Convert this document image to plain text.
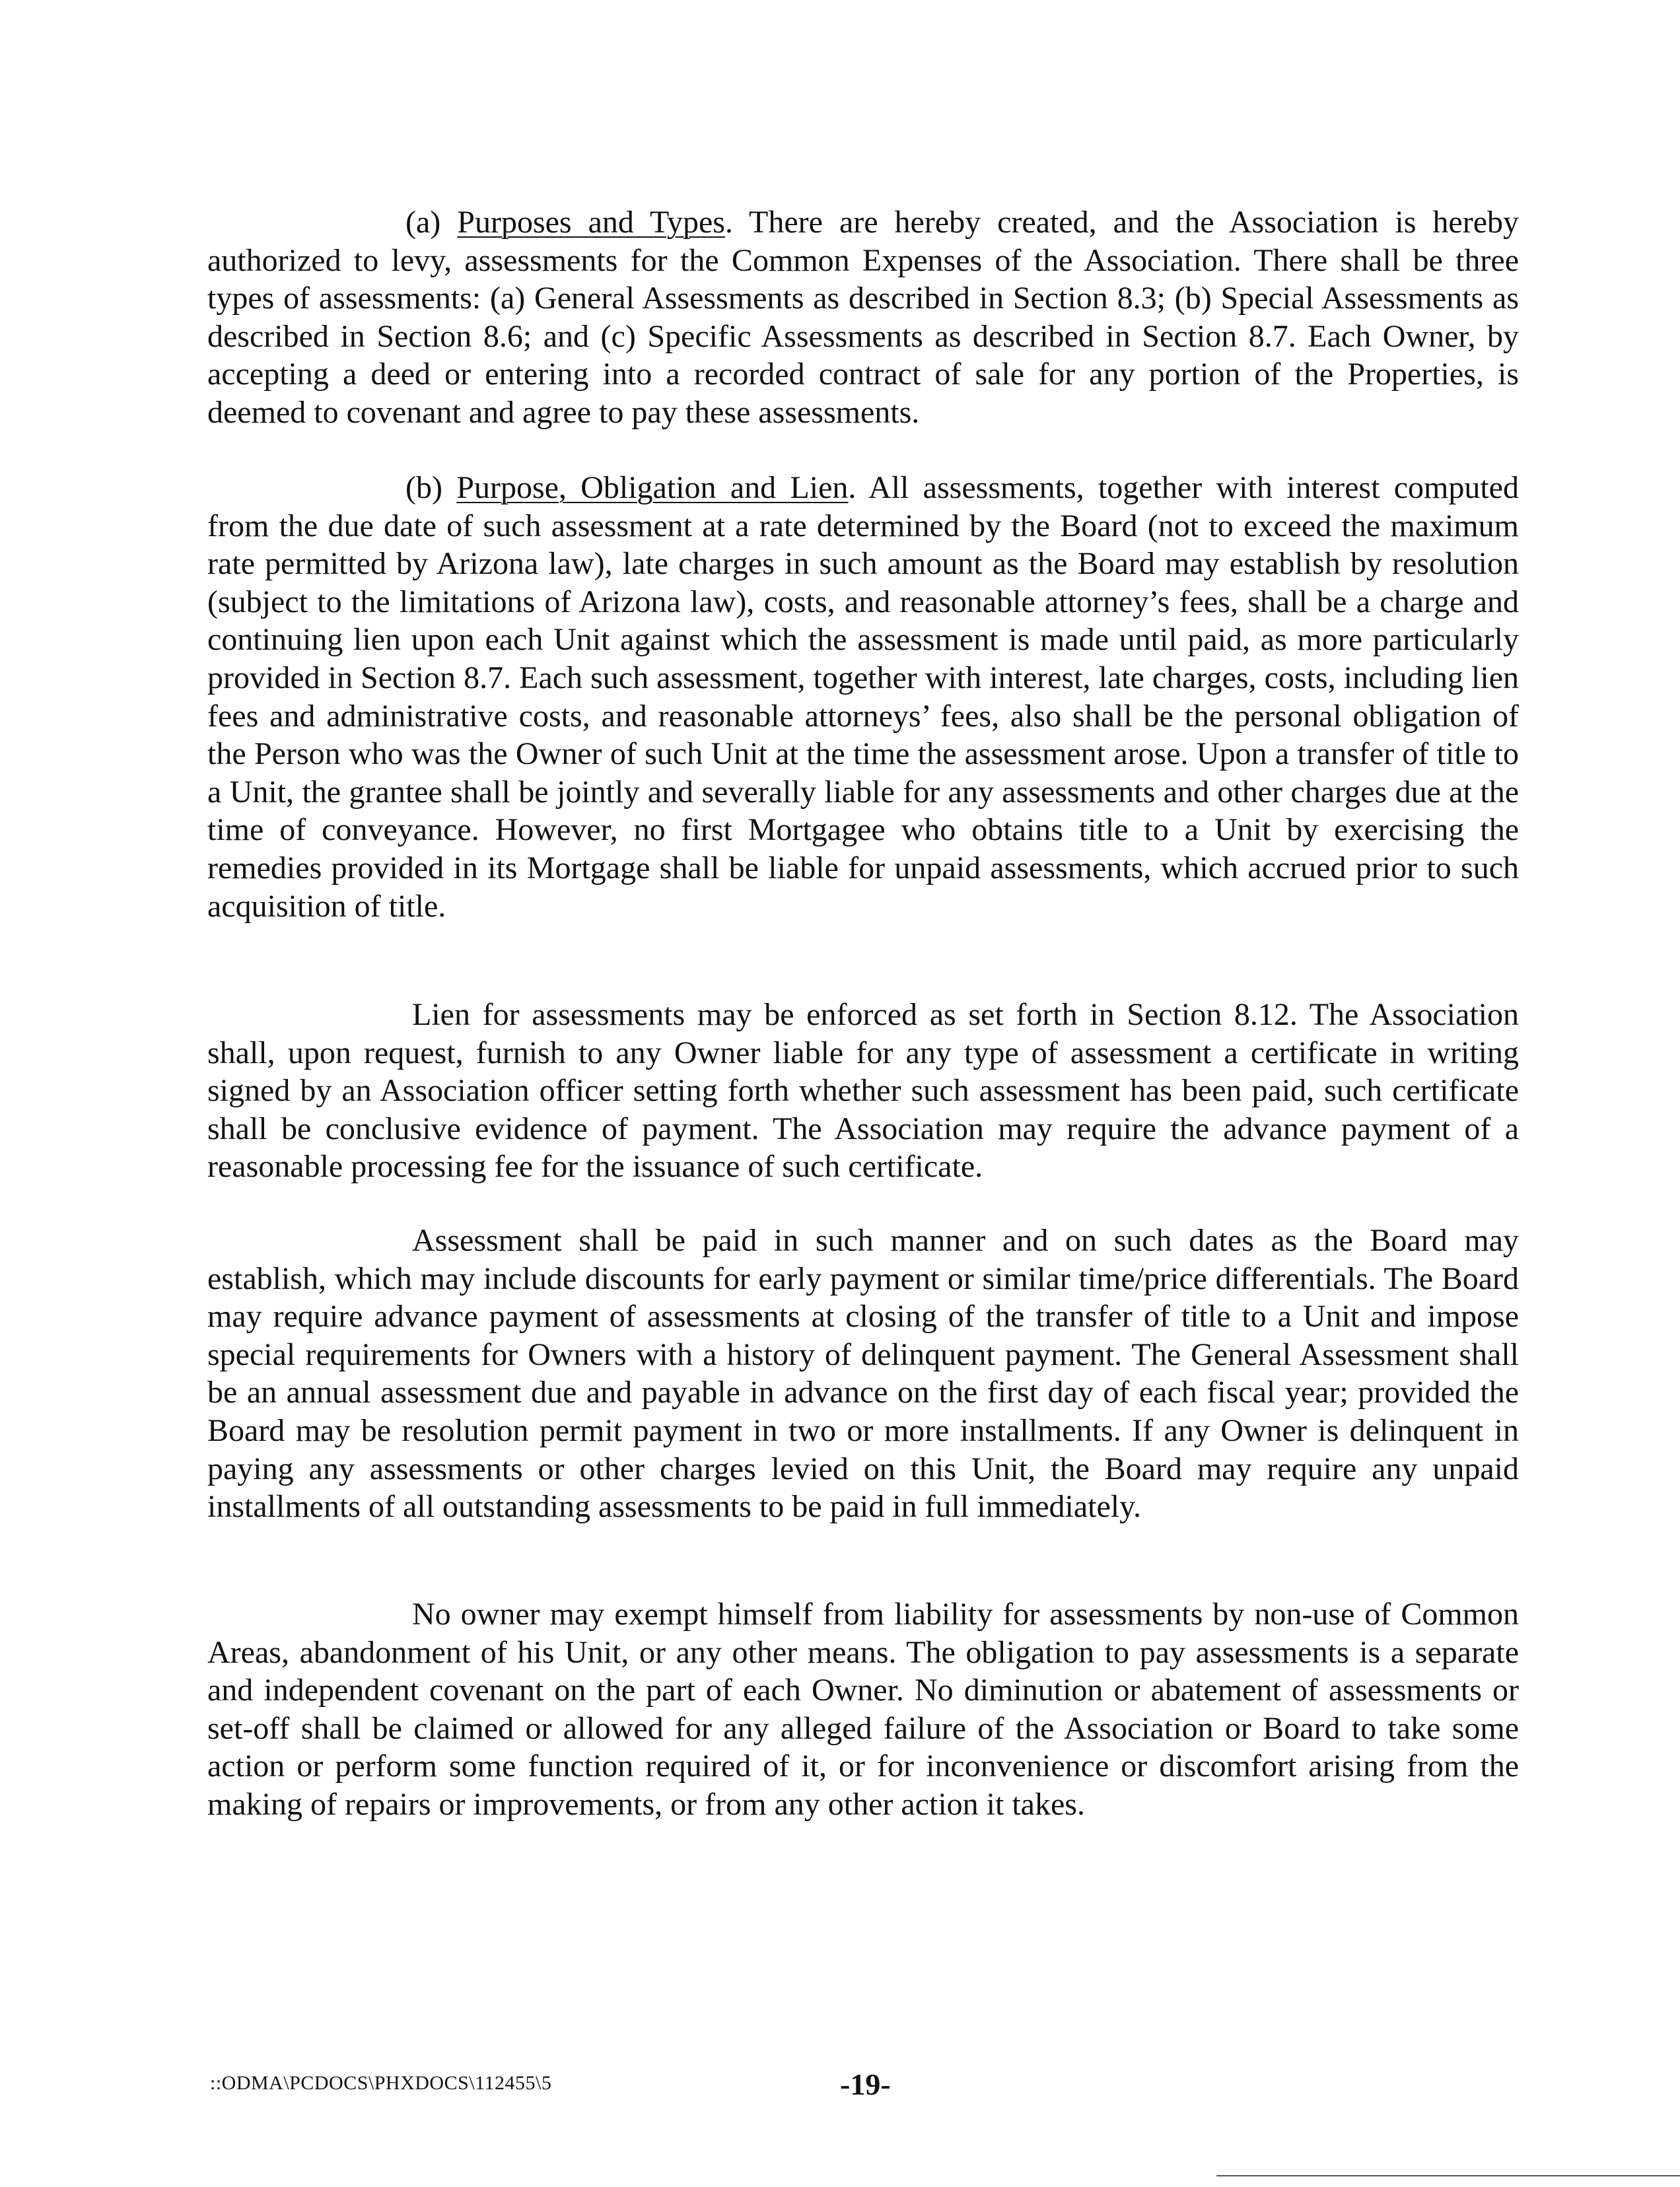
(a) Purposes and Types. There are hereby created, and the Association is hereby authorized to levy, assessments for the Common Expenses of the Association. There shall be three types of assessments: (a) General Assessments as described in Section 8.3; (b) Special Assessments as described in Section 8.6; and (c) Specific Assessments as described in Section 8.7. Each Owner, by accepting a deed or entering into a recorded contract of sale for any portion of the Properties, is deemed to covenant and agree to pay these assessments.

(b) Purpose, Obligation and Lien. All assessments, together with interest computed from the due date of such assessment at a rate determined by the Board (not to exceed the maximum rate permitted by Arizona law), late charges in such amount as the Board may establish by resolution (subject to the limitations of Arizona law), costs, and reasonable attorney’s fees, shall be a charge and continuing lien upon each Unit against which the assessment is made until paid, as more particularly provided in Section 8.7. Each such assessment, together with interest, late charges, costs, including lien fees and administrative costs, and reasonable attorneys’ fees, also shall be the personal obligation of the Person who was the Owner of such Unit at the time the assessment arose. Upon a transfer of title to a Unit, the grantee shall be jointly and severally liable for any assessments and other charges due at the time of conveyance. However, no first Mortgagee who obtains title to a Unit by exercising the remedies provided in its Mortgage shall be liable for unpaid assessments, which accrued prior to such acquisition of title.

Lien for assessments may be enforced as set forth in Section 8.12. The Association shall, upon request, furnish to any Owner liable for any type of assessment a certificate in writing signed by an Association officer setting forth whether such assessment has been paid, such certificate shall be conclusive evidence of payment. The Association may require the advance payment of a reasonable processing fee for the issuance of such certificate.

Assessment shall be paid in such manner and on such dates as the Board may establish, which may include discounts for early payment or similar time/price differentials. The Board may require advance payment of assessments at closing of the transfer of title to a Unit and impose special requirements for Owners with a history of delinquent payment. The General Assessment shall be an annual assessment due and payable in advance on the first day of each fiscal year; provided the Board may be resolution permit payment in two or more installments. If any Owner is delinquent in paying any assessments or other charges levied on this Unit, the Board may require any unpaid installments of all outstanding assessments to be paid in full immediately.

No owner may exempt himself from liability for assessments by non-use of Common Areas, abandonment of his Unit, or any other means. The obligation to pay assessments is a separate and independent covenant on the part of each Owner. No diminution or abatement of assessments or set-off shall be claimed or allowed for any alleged failure of the Association or Board to take some action or perform some function required of it, or for inconvenience or discomfort arising from the making of repairs or improvements, or from any other action it takes.

::ODMA\PCDOCS\PHXDOCS\112455\5	-19-
